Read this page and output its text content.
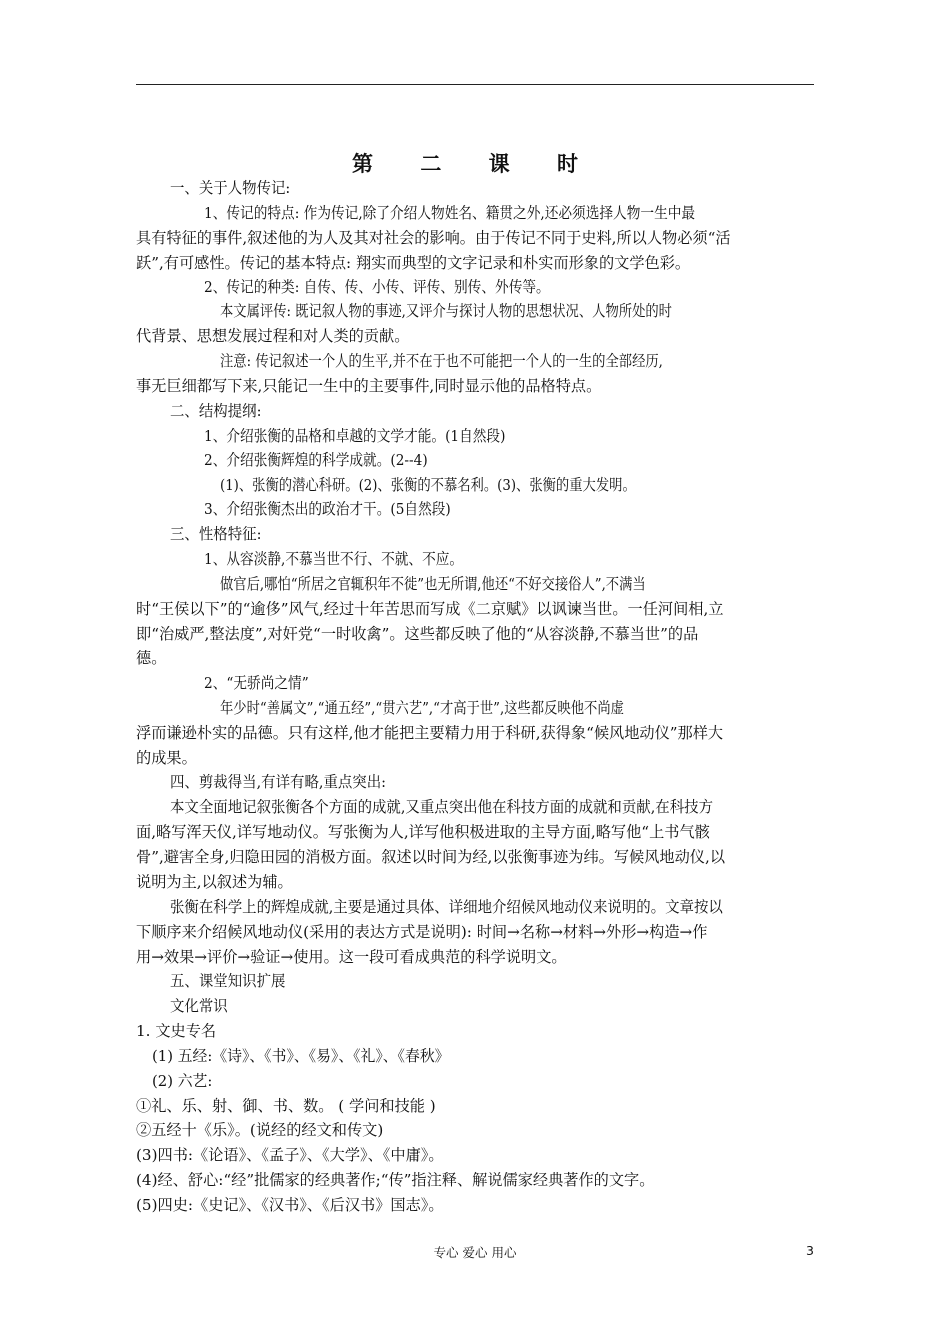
第 二 课 时
一、关于人物传记:
1、传记的特点: 作为传记,除了介绍人物姓名、籍贯之外,还必须选择人物一生中最
具有特征的事件,叙述他的为人及其对社会的影响。由于传记不同于史料,所以人物必须“活
跃”,有可感性。传记的基本特点: 翔实而典型的文字记录和朴实而形象的文学色彩。
2、传记的种类: 自传、传、小传、评传、别传、外传等。
本文属评传: 既记叙人物的事迹,又评介与探讨人物的思想状况、人物所处的时
代背景、思想发展过程和对人类的贡献。
注意: 传记叙述一个人的生平,并不在于也不可能把一个人的一生的全部经历,
事无巨细都写下来,只能记一生中的主要事件,同时显示他的品格特点。
二、结构提纲:
1、介绍张衡的品格和卓越的文学才能。(1自然段)
2、介绍张衡辉煌的科学成就。(2--4)
(1)、张衡的潜心科研。(2)、张衡的不慕名利。(3)、张衡的重大发明。
3、介绍张衡杰出的政治才干。(5自然段)
三、性格特征:
1、从容淡静,不慕当世不行、不就、不应。
做官后,哪怕“所居之官辄积年不徙”也无所谓,他还“不好交接俗人”,不满当
时“王侯以下”的“逾侈”风气,经过十年苦思而写成《二京赋》以讽谏当世。一任河间相,立
即“治威严,整法度”,对奸党“一时收禽”。这些都反映了他的“从容淡静,不慕当世”的品
德。
2、“无骄尚之情”
年少时“善属文”,“通五经”,“贯六艺”,“才高于世”,这些都反映他不尚虚
浮而谦逊朴实的品德。只有这样,他才能把主要精力用于科研,获得象“候风地动仪”那样大
的成果。
四、剪裁得当,有详有略,重点突出:
本文全面地记叙张衡各个方面的成就,又重点突出他在科技方面的成就和贡献,在科技方
面,略写浑天仪,详写地动仪。写张衡为人,详写他积极进取的主导方面,略写他“上书气骸
骨”,避害全身,归隐田园的消极方面。叙述以时间为经,以张衡事迹为纬。写候风地动仪,以
说明为主,以叙述为辅。
张衡在科学上的辉煌成就,主要是通过具体、详细地介绍候风地动仪来说明的。文章按以
下顺序来介绍候风地动仪(采用的表达方式是说明): 时间→名称→材料→外形→构造→作
用→效果→评价→验证→使用。这一段可看成典范的科学说明文。
五、课堂知识扩展
文化常识
1. 文史专名
(1) 五经:《诗》、《书》、《易》、《礼》、《春秋》
(2) 六艺:
①礼、乐、射、御、书、数。 ( 学问和技能 )
②五经十《乐》。(说经的经文和传文)
(3)四书:《论语》、《孟子》、《大学》、《中庸》。
(4)经、舒心:“经”批儒家的经典著作;“传”指注释、解说儒家经典著作的文字。
(5)四史:《史记》、《汉书》、《后汉书》国志》。
专心 爱心 用心	3
